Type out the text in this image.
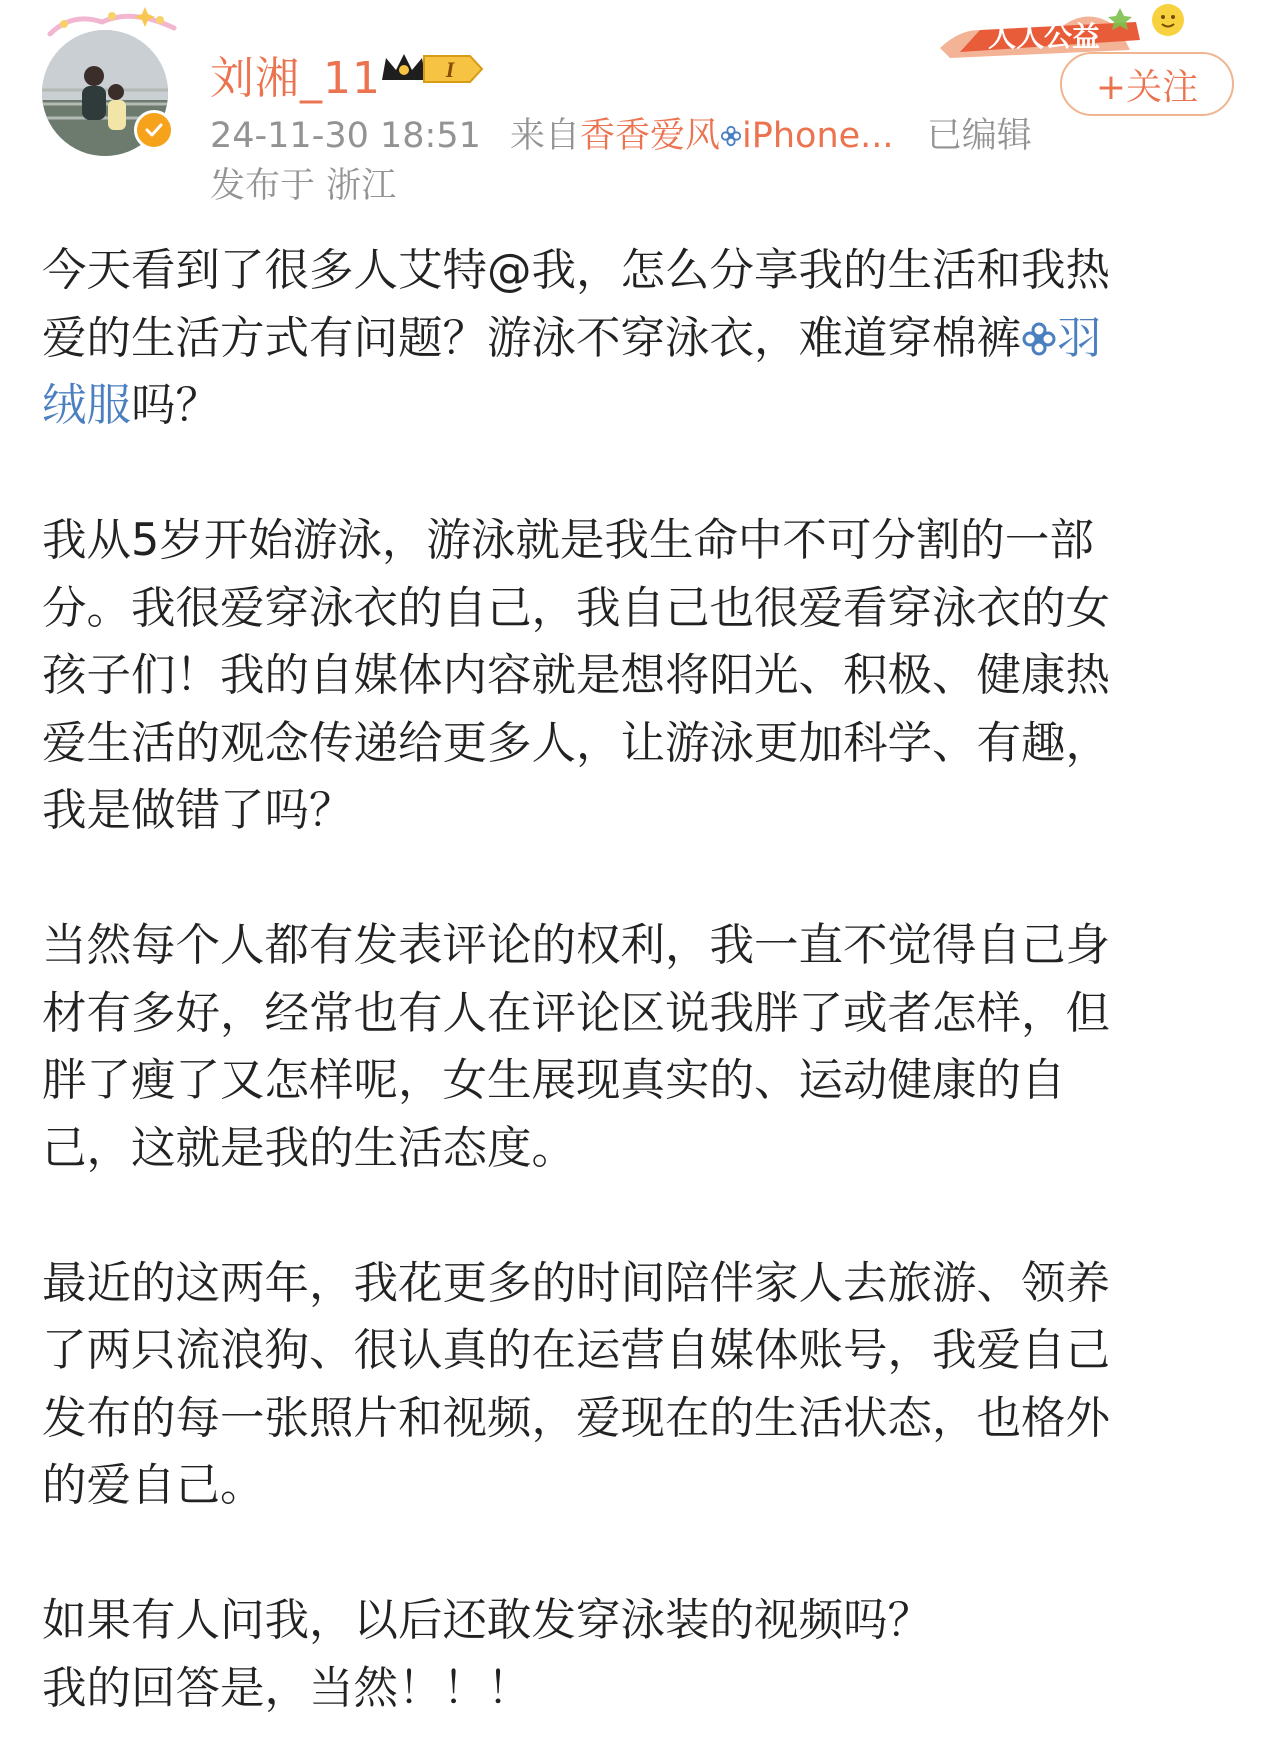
刘湘_11	I
24-11-30 18:51 来自香香爱风 iPhone... 已编辑
发布于 浙江
人人公益
+关注
今天看到了很多人艾特@我，怎么分享我的生活和我热
爱的生活方式有问题？游泳不穿泳衣，难道穿棉裤 羽
绒服吗？
我从5岁开始游泳，游泳就是我生命中不可分割的一部
分。我很爱穿泳衣的自己，我自己也很爱看穿泳衣的女
孩子们！我的自媒体内容就是想将阳光、积极、健康热
爱生活的观念传递给更多人，让游泳更加科学、有趣，
我是做错了吗？
当然每个人都有发表评论的权利，我一直不觉得自己身
材有多好，经常也有人在评论区说我胖了或者怎样，但
胖了瘦了又怎样呢，女生展现真实的、运动健康的自
己，这就是我的生活态度。
最近的这两年，我花更多的时间陪伴家人去旅游、领养
了两只流浪狗、很认真的在运营自媒体账号，我爱自己
发布的每一张照片和视频，爱现在的生活状态，也格外
的爱自己。
如果有人问我，以后还敢发穿泳装的视频吗？
我的回答是，当然！！！
